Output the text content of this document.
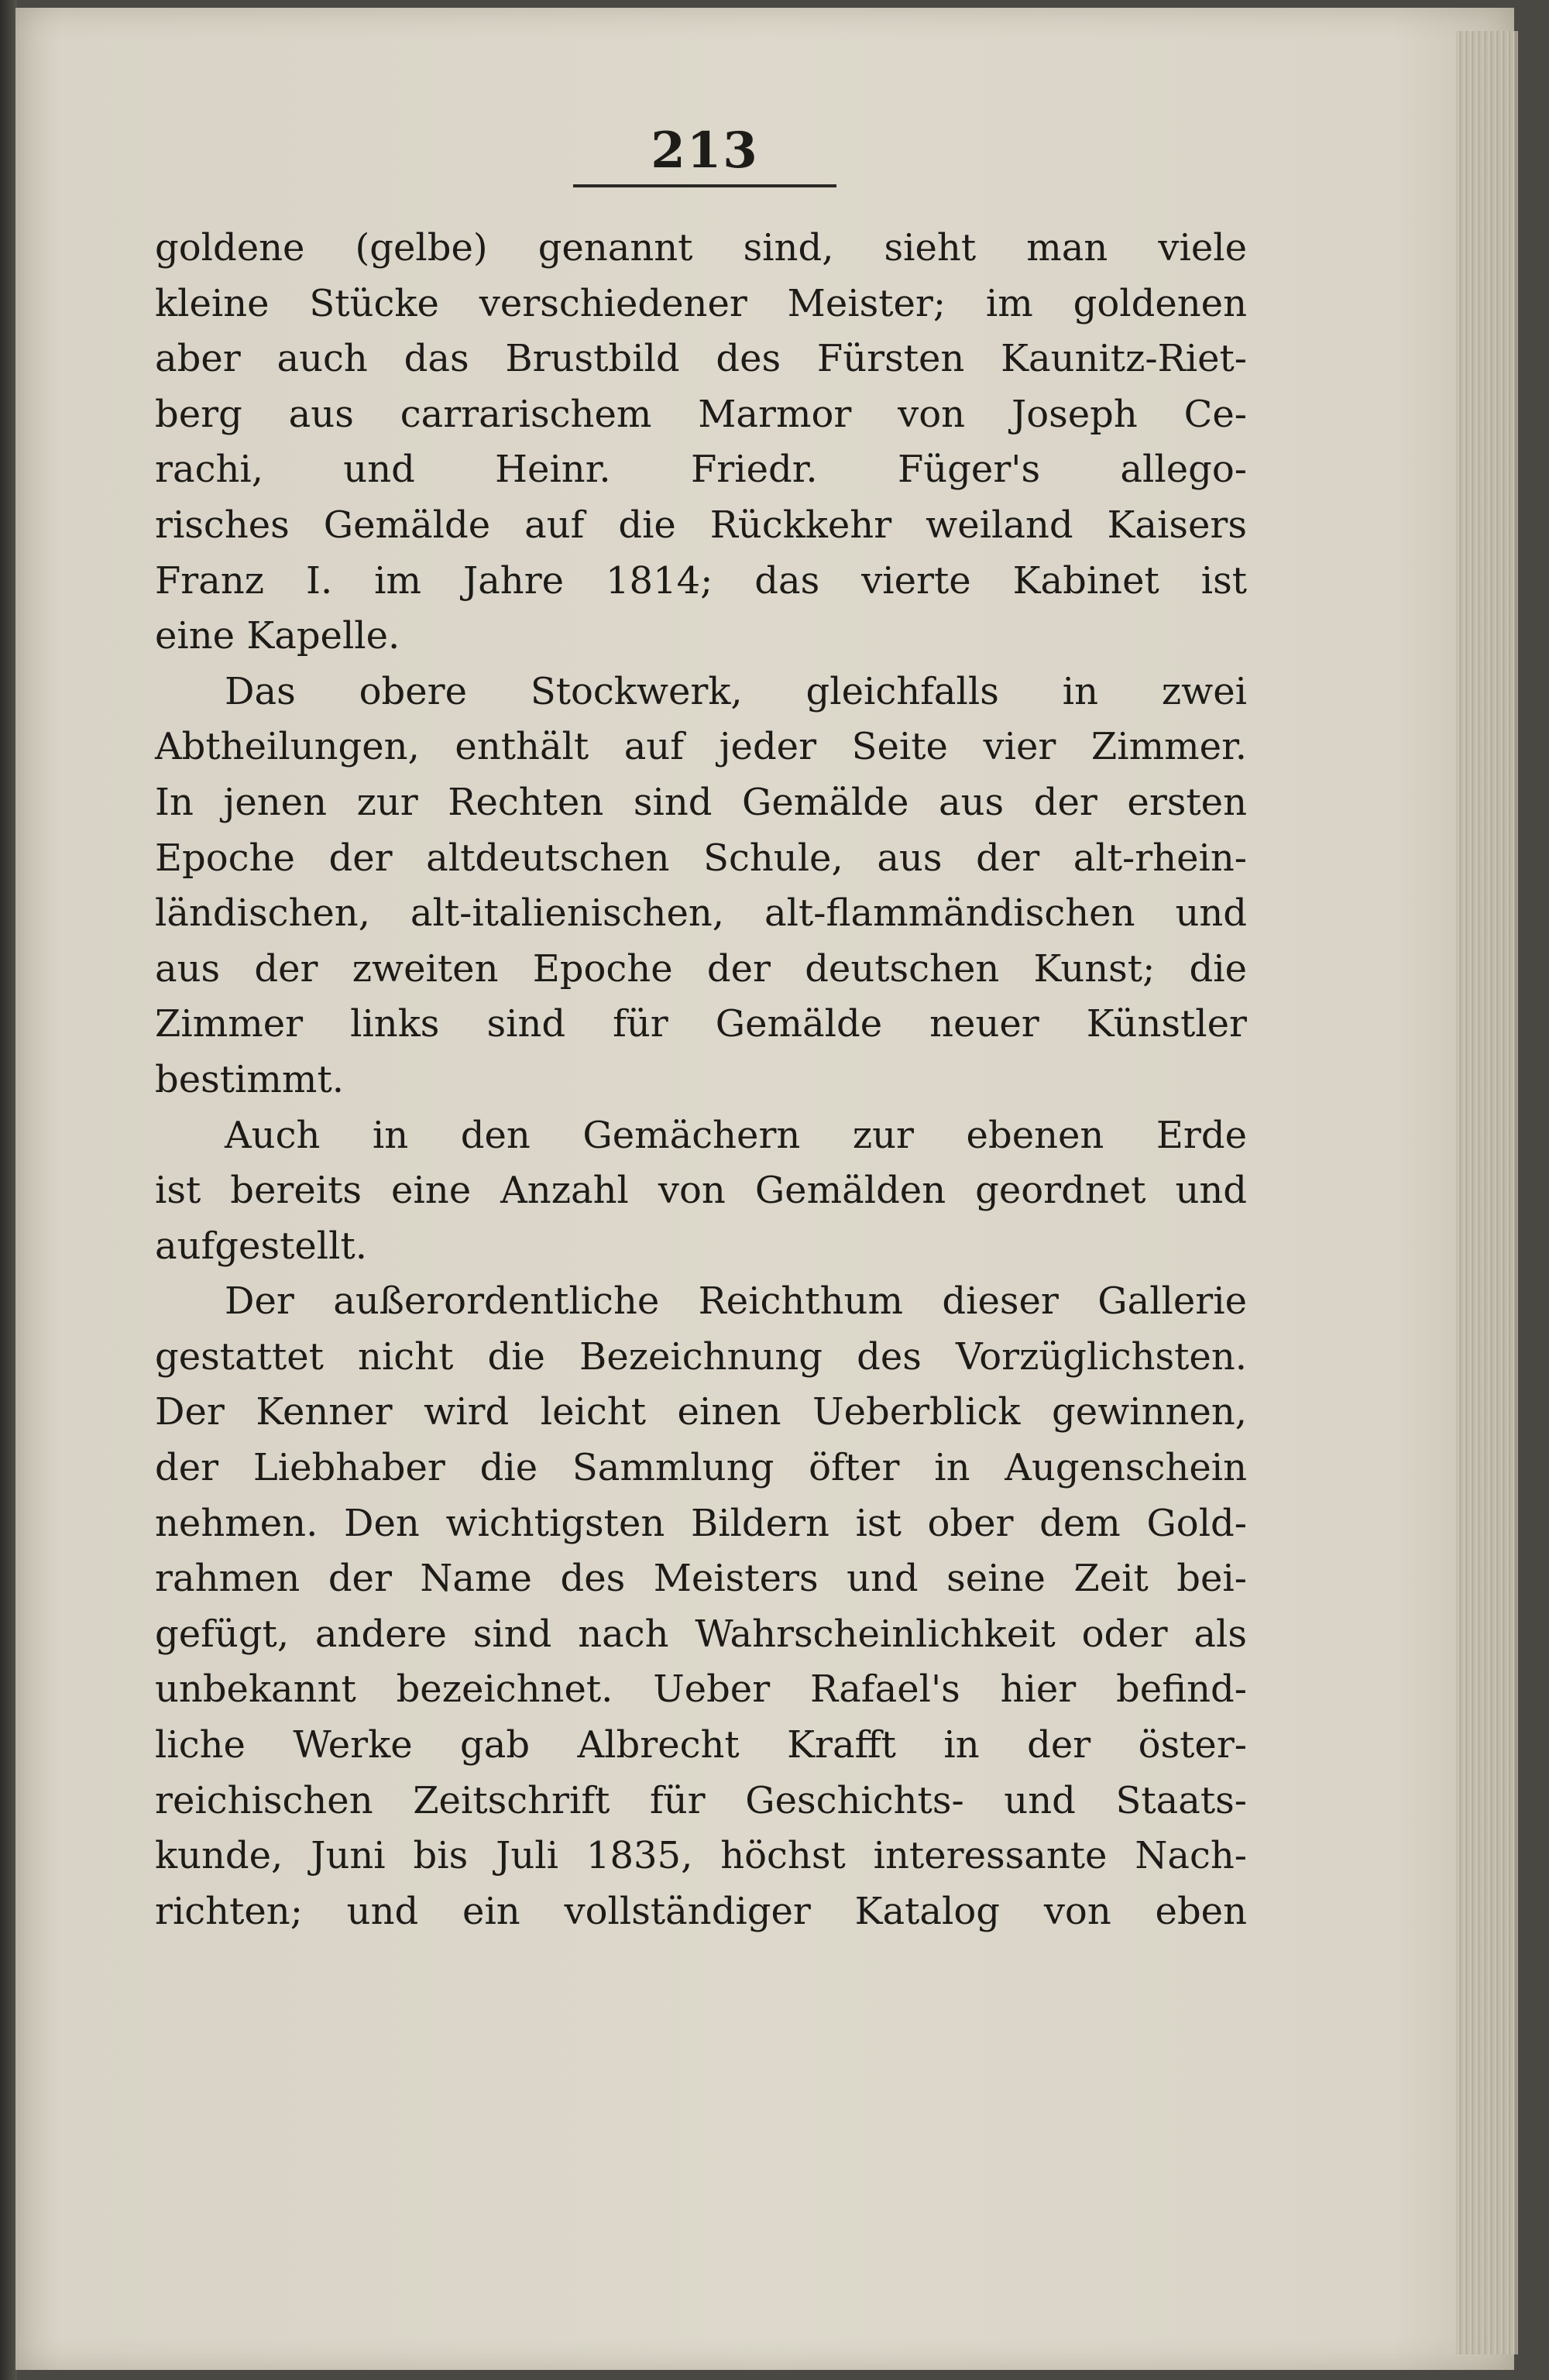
213
goldene (gelbe) genannt sind, sieht man viele
kleine Stücke verschiedener Meister; im goldenen
aber auch das Brustbild des Fürsten Kaunitz-Riet-
berg aus carrarischem Marmor von Joseph Ce-
rachi, und Heinr. Friedr. Füger's allego-
risches Gemälde auf die Rückkehr weiland Kaisers
Franz I. im Jahre 1814; das vierte Kabinet ist
eine Kapelle.
Das obere Stockwerk, gleichfalls in zwei
Abtheilungen, enthält auf jeder Seite vier Zimmer.
In jenen zur Rechten sind Gemälde aus der ersten
Epoche der altdeutschen Schule, aus der alt-rhein-
ländischen, alt-italienischen, alt-flammändischen und
aus der zweiten Epoche der deutschen Kunst; die
Zimmer links sind für Gemälde neuer Künstler
bestimmt.
Auch in den Gemächern zur ebenen Erde
ist bereits eine Anzahl von Gemälden geordnet und
aufgestellt.
Der außerordentliche Reichthum dieser Gallerie
gestattet nicht die Bezeichnung des Vorzüglichsten.
Der Kenner wird leicht einen Ueberblick gewinnen,
der Liebhaber die Sammlung öfter in Augenschein
nehmen. Den wichtigsten Bildern ist ober dem Gold-
rahmen der Name des Meisters und seine Zeit bei-
gefügt, andere sind nach Wahrscheinlichkeit oder als
unbekannt bezeichnet. Ueber Rafael's hier befind-
liche Werke gab Albrecht Krafft in der öster-
reichischen Zeitschrift für Geschichts- und Staats-
kunde, Juni bis Juli 1835, höchst interessante Nach-
richten; und ein vollständiger Katalog von eben
